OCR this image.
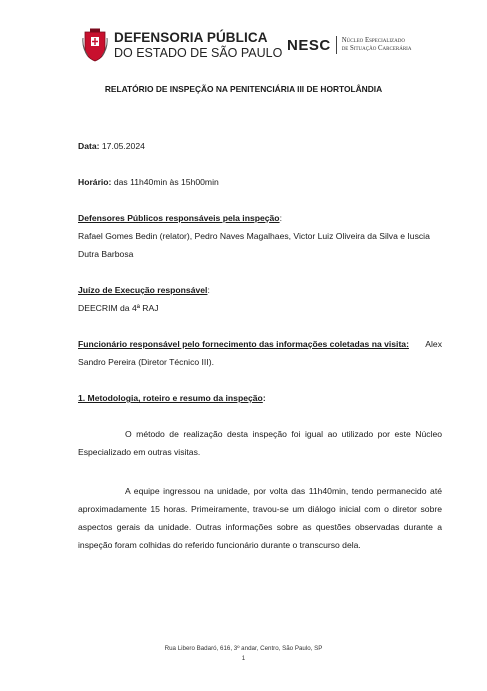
DEFENSORIA PÚBLICA
DO ESTADO DE SÃO PAULO NESC Núcleo Especializado
de Situação Carcerária
RELATÓRIO DE INSPEÇÃO NA PENITENCIÁRIA III DE HORTOLÂNDIA
Data: 17.05.2024
Horário: das 11h40min às 15h00min
Defensores Públicos responsáveis pela inspeção:
Rafael Gomes Bedin (relator), Pedro Naves Magalhaes, Victor Luiz Oliveira da Silva e Iuscia
Dutra Barbosa
Juízo de Execução responsável:
DEECRIM da 4ª RAJ
Funcionário responsável pelo fornecimento das informações coletadas na visita: Alex
Sandro Pereira (Diretor Técnico III).
1. Metodologia, roteiro e resumo da inspeção:
O método de realização desta inspeção foi igual ao utilizado por este Núcleo Especializado em outras visitas.
A equipe ingressou na unidade, por volta das 11h40min, tendo permanecido até aproximadamente 15 horas. Primeiramente, travou-se um diálogo inicial com o diretor sobre aspectos gerais da unidade. Outras informações sobre as questões observadas durante a inspeção foram colhidas do referido funcionário durante o transcurso dela.
Rua Libero Badaró, 616, 3º andar, Centro, São Paulo, SP
1
